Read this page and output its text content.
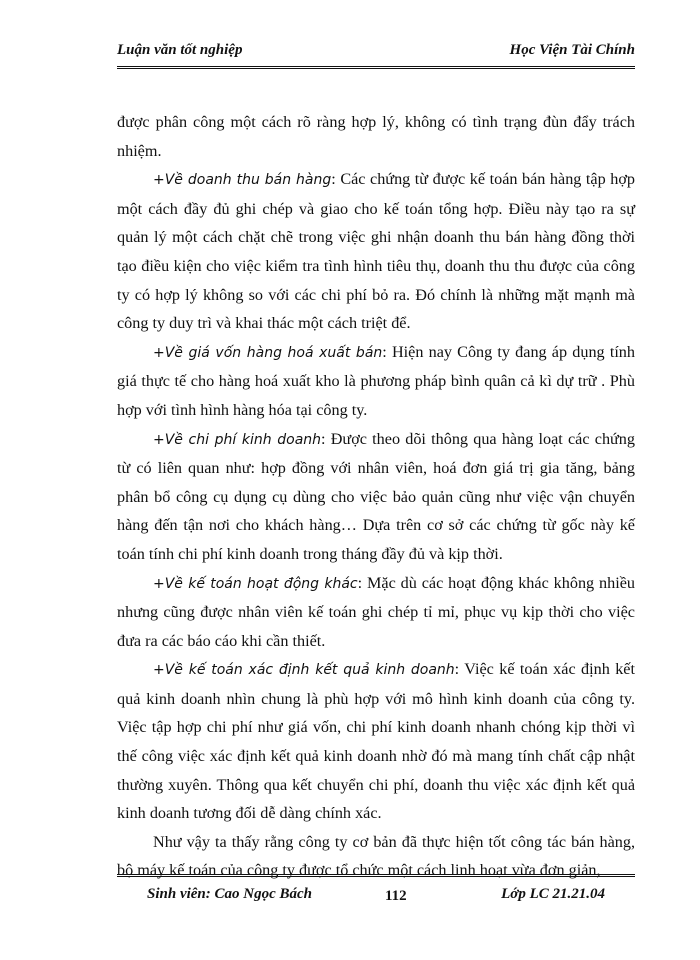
Luận văn tốt nghiệp	Học Viện Tài Chính

được phân công một cách rõ ràng hợp lý, không có tình trạng đùn đẩy trách nhiệm.

+Về doanh thu bán hàng: Các chứng từ được kế toán bán hàng tập hợp một cách đầy đủ ghi chép và giao cho kế toán tổng hợp. Điều này tạo ra sự quản lý một cách chặt chẽ trong việc ghi nhận doanh thu bán hàng đồng thời tạo điều kiện cho việc kiểm tra tình hình tiêu thụ, doanh thu thu được của công ty có hợp lý không so với các chi phí bỏ ra. Đó chính là những mặt mạnh mà công ty duy trì và khai thác một cách triệt để.

+Về giá vốn hàng hoá xuất bán: Hiện nay Công ty đang áp dụng tính giá thực tế cho hàng hoá xuất kho là phương pháp bình quân cả kì dự trữ . Phù hợp với tình hình hàng hóa tại công ty.

+Về chi phí kinh doanh: Được theo dõi thông qua hàng loạt các chứng từ có liên quan như: hợp đồng với nhân viên, hoá đơn giá trị gia tăng, bảng phân bổ công cụ dụng cụ dùng cho việc bảo quản cũng như việc vận chuyển hàng đến tận nơi cho khách hàng… Dựa trên cơ sở các chứng từ gốc này kế toán tính chi phí kinh doanh trong tháng đầy đủ và kịp thời.

+Về kế toán hoạt động khác: Mặc dù các hoạt động khác không nhiều nhưng cũng được nhân viên kế toán ghi chép tỉ mỉ, phục vụ kịp thời cho việc đưa ra các báo cáo khi cần thiết.

+Về kế toán xác định kết quả kinh doanh: Việc kế toán xác định kết quả kinh doanh nhìn chung là phù hợp với mô hình kinh doanh của công ty. Việc tập hợp chi phí như giá vốn, chi phí kinh doanh nhanh chóng kịp thời vì thế công việc xác định kết quả kinh doanh nhờ đó mà mang tính chất cập nhật thường xuyên. Thông qua kết chuyển chi phí, doanh thu việc xác định kết quả kinh doanh tương đối dễ dàng chính xác.

Như vậy ta thấy rằng công ty cơ bản đã thực hiện tốt công tác bán hàng, bộ máy kế toán của công ty được tổ chức một cách linh hoạt vừa đơn giản,

Sinh viên: Cao Ngọc Bách	112	Lớp LC 21.21.04
